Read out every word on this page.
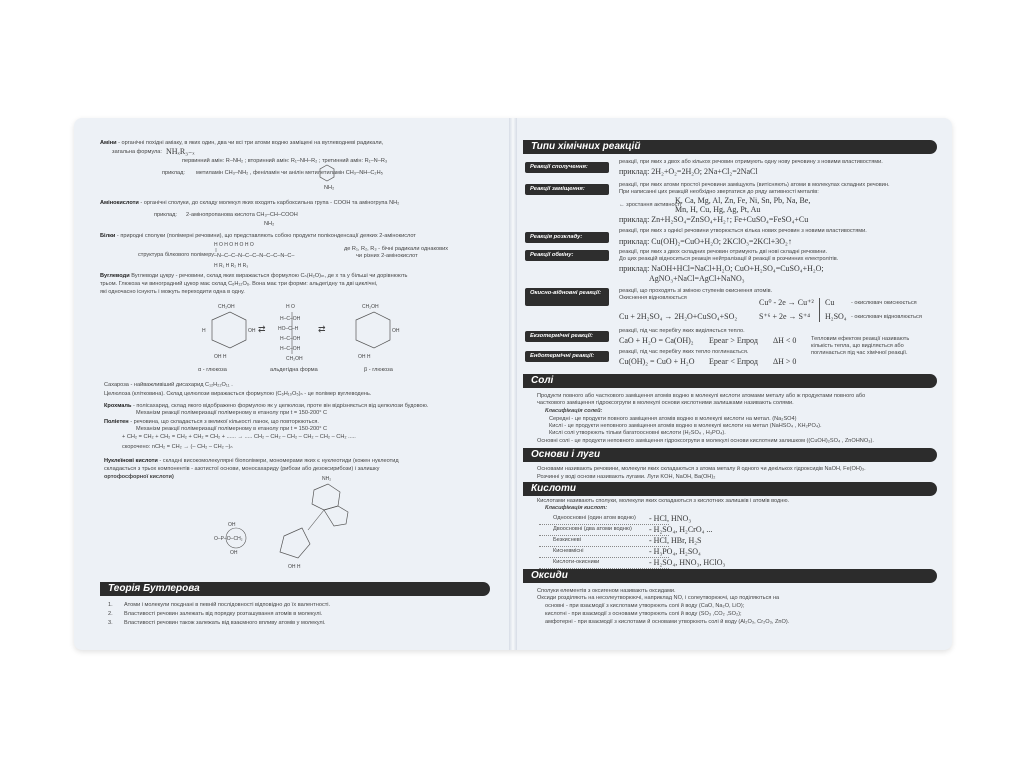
Аміни - органічні похідні аміаку, в яких один, два чи всі три атоми водню заміщені на вуглеводневі радикали,
загальна формула: NHₓR₃₋ₓ
первинний амін: R–NH₂ ; вторинний амін: R₁–NH–R₂ ; третинний амін: R₁–N–R₃
приклад: метиламін CH₃–NH₂ , феніламін чи анілін метилетиламін CH₃–NH–C₂H₅
NH₂
Амінокислоти - органічні сполуки, до складу молекул яких входять карбоксильна група - COOH та аміногрупа NH₂
приклад: 2-амінопропанова кислота CH₃–CH–COOH
NH₂
Білки - природні сполуки (полімерні речовини), що представляють собою продукти поліконденсації деяких 2-амінокислот
структура білкового полімеру:
H O H O H O H O
–N–C–C–N–C–C–N–C–C–N–C–
H R₁ H R₂ H R₃
де R₁, R₂, R₃ - бічні радикали однакових
чи різних 2-амінокислот
Вуглеводи Вуглеводи цукру - речовини, склад яких виражається формулою Cₙ(H₂O)ₘ, де х та у більші чи дорівнюють
трьом. Глюкоза чи виноградний цукор має склад C₆H₁₂O₆. Вона має три форми: альдегідну та дві циклічні,
які одночасно існують і можуть переходити одна в одну.
CH₂OH
H	OH
OH H
⇄
H O
H–C–OH
HO–C–H
H–C–OH
H–C–OH
CH₂OH
⇄
CH₂OH
OH
OH H
α - глюкоза	альдегідна форма	β - глюкоза
Сахароза - найважливіший дисахарид C₁₂H₂₂O₁₁ .
Целюлоза (клітковина). Склад целюлози виражається формулою (C₆H₁₀O₅)ₙ - це полімер вуглеводень.
Крохмаль - полісахарид, склад якого відображено формулою як у целюлози, проте він відрізняється від целюлози будовою.
Механізм реакції полімеризації полімерному в етанолу при t = 150-200° C
Поліетен - речовина, що складається з великої кількості ланок, що повторюються.
Механізм реакції полімеризації полімерному в етанолу при t = 150-200° C
+ CH₂ = CH₂ + CH₂ = CH₂ + CH₂ = CH₂ + ...... → ..... CH₂ – CH₂ – CH₂ – CH₂ – CH₂ – CH₂ .....
скорочено: nCH₂ = CH₂ → (– CH₂ – CH₂ –)ₙ
Нуклеїнові кислоти - складні високомолекулярні біополімери, мономерами яких є нуклеотиди (кожен нуклеотид
складається з трьох компонентів - азотистої основи, моносахариду (рибози або дезоксирибози) і залишку
ортофосфорної кислоти)	NH₂
OH H
OH
O–P–O–CH₂
OH
Теорія Бутлерова
1. Атоми і молекули поєднані в певній послідовності відповідно до їх валентності.
2. Властивості речовин залежать від порядку розташування атомів в молекулі.
3. Властивості речовин також залежать від взаємного впливу атомів у молекулі.
Типи хімічних реакцій
Реакції сполучення:
реакції, при яких з двох або кількох речовин отримують одну нову речовину з новими властивостями.
приклад: 2H₂+O₂=2H₂O; 2Na+Cl₂=2NaCl
Реакції заміщення:
реакції, при яких атоми простої речовини заміщують (витісняють) атоми в молекулах складних речовин.
При написанні цих реакцій необхідно звертатися до ряду активності металів:
← зростання активності
K, Ca, Mg, Al, Zn, Fe, Ni, Sn, Pb, Na, Be,
Mn, H, Cu, Hg, Ag, Pt, Au
приклад: Zn+H₂SO₄=ZnSO₄+H₂↑; Fe+CuSO₄=FeSO₄+Cu
Реакція розкладу:
реакції, при яких з однієї речовини утворюється кілька нових речовин з новими властивостями.
приклад: Cu(OH)₂=CuO+H₂O; 2KClO₃=2KCl+3O₂↑
Реакції обміну:	реакції, при яких з двох складних речовин отримують дві нові складні речовини.
До цих реакцій відноситься реакція нейтралізації й реакції в розчинних електролітів.
приклад: NaOH+HCl=NaCl+H₂O; CuO+H₂SO₄=CuSO₄+H₂O;
AgNO₃+NaCl=AgCl+NaNO₃
Окисно-відновні реакції:	реакції, що проходять зі зміною ступенів окиснення атомів.
Окиснення відновлюється
Cu + 2H₂SO₄ → 2H₂O+CuSO₄+SO₂
Cu⁰ - 2e → Cu⁺²
S⁺⁶ + 2e → S⁺⁴
Cu
H₂SO₄
- окислювач окиснюється
- окислювач відновлюється
Екзотермічні реакції:
реакції, під час перебігу яких виділяється тепло.
CaO + H₂O = Ca(OH)₂ Eреаг > Eпрод ΔH < 0	Тепловим ефектом реакції називають
кількість тепла, що виділяється або
поглинається під час хімічної реакції.
Ендотермічні реакції:
реакції, під час перебігу яких тепло поглинається.
Cu(OH)₂ = CuO + H₂O Eреаг < Eпрод ΔH > 0
Солі
Продукти повного або часткового заміщення атомів водню в молекулі кислоти атомами металу або ж продуктами повного або
часткового заміщення гідроксогрупи в молекулі основи кислотними залишками називають солями.
Класифікація солей:
Середні - це продукти повного заміщення атомів водню в молекулі кислоти на метал. (Na₂SO4)
Кислі - це продукти неповного заміщення атомів водню в молекулі кислоти на метал (NaHSO₄ , KH₂PO₄).
Кислі солі утворюють тільки багатоосновні кислоти (H₂SO₄ , H₃PO₄).
Основні солі - це продукти неповного заміщення гідроксогрупи в молекулі основи кислотним залишком ((CuOH)₂SO₄ , ZnOHNO₃).
Основи і луги
Основами називають речовини, молекули яких складаються з атома металу й одного чи декількох гідроксидів NaOH, Fe(OH)₃.
Розчинні у воді основи називають лугами. Луги KOH, NaOH, Ba(OH)₂
Кислоти
Кислотами називають сполуки, молекули яких складаються з кислотних залишків і атомів водню.
Класифікація кислот:
Одноосновні (один атом водню) - HCl, HNO₃
Двоосновні (два атоми водню) - H₂SO₄, H₂CrO₄ ...
Безкисневі	- HCl, HBr, H₂S
Кисневмісні	- H₃PO₄, H₂SO₄
Кислоти-окисники	- H₂SO₄, HNO₃, HClO₃
Оксиди
Сполуки елементів з оксигеном називають оксидами.
Оксиди розділяють на несолеутворюючі, наприклад NO, і солеутворюючі, що поділяються на
основні - при взаємодії з кислотами утворюють солі й воду (CaO, Na₂O, LiO);
кислотні - при взаємодії з основами утворюють солі й воду (SO₃ ,CO₂ ,SO₂);
амфотерні - при взаємодії з кислотами й основами утворюють солі й воду (Al₂O₃, Cr₂O₃, ZnO).
